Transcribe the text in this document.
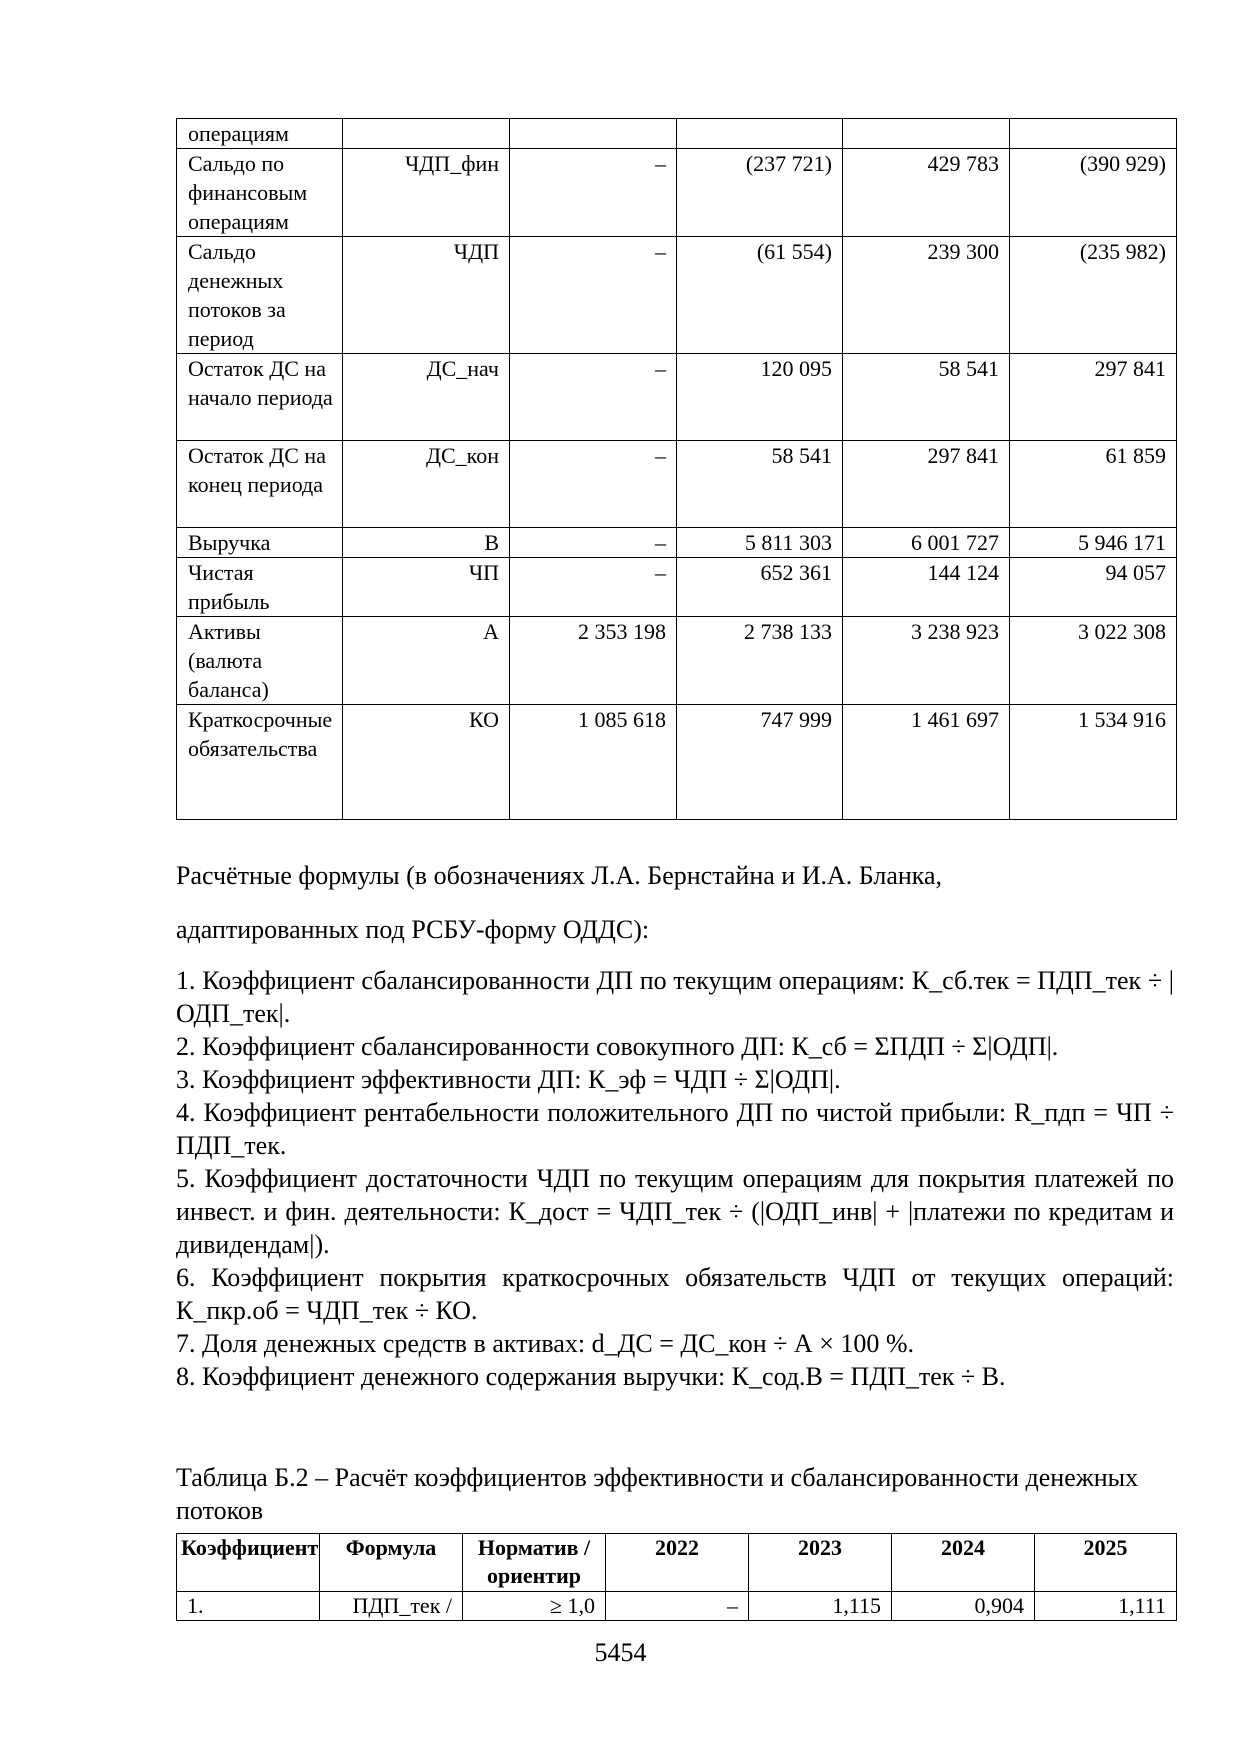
операциям					
Сальдо по финансовым операциям	ЧДП_фин	–	(237 721)	429 783	(390 929)
Сальдо денежных потоков за период	ЧДП	–	(61 554)	239 300	(235 982)
Остаток ДС на начало периода	ДС_нач	–	120 095	58 541	297 841
Остаток ДС на конец периода	ДС_кон	–	58 541	297 841	61 859
Выручка	В	–	5 811 303	6 001 727	5 946 171
Чистая прибыль	ЧП	–	652 361	144 124	94 057
Активы (валюта баланса)	А	2 353 198	2 738 133	3 238 923	3 022 308
Краткосрочные обязательства	КО	1 085 618	747 999	1 461 697	1 534 916

Расчётные формулы (в обозначениях Л.А. Бернстайна и И.А. Бланка,
адаптированных под РСБУ-форму ОДДС):

1. Коэффициент сбалансированности ДП по текущим операциям: К_сб.тек = ПДП_тек ÷ |ОДП_тек|.
2. Коэффициент сбалансированности совокупного ДП: К_сб = ΣПДП ÷ Σ|ОДП|.
3. Коэффициент эффективности ДП: К_эф = ЧДП ÷ Σ|ОДП|.
4. Коэффициент рентабельности положительного ДП по чистой прибыли: R_пдп = ЧП ÷ ПДП_тек.
5. Коэффициент достаточности ЧДП по текущим операциям для покрытия платежей по инвест. и фин. деятельности: К_дост = ЧДП_тек ÷ (|ОДП_инв| + |платежи по кредитам и дивидендам|).
6. Коэффициент покрытия краткосрочных обязательств ЧДП от текущих операций: К_пкр.об = ЧДП_тек ÷ КО.
7. Доля денежных средств в активах: d_ДС = ДС_кон ÷ А × 100 %.
8. Коэффициент денежного содержания выручки: К_сод.В = ПДП_тек ÷ В.
Таблица Б.2 – Расчёт коэффициентов эффективности и сбалансированности денежных потоков
Коэффициент	Формула	Норматив / ориентир	2022	2023	2024	2025
1.	ПДП_тек /	≥ 1,0	–	1,115	0,904	1,111
5454
